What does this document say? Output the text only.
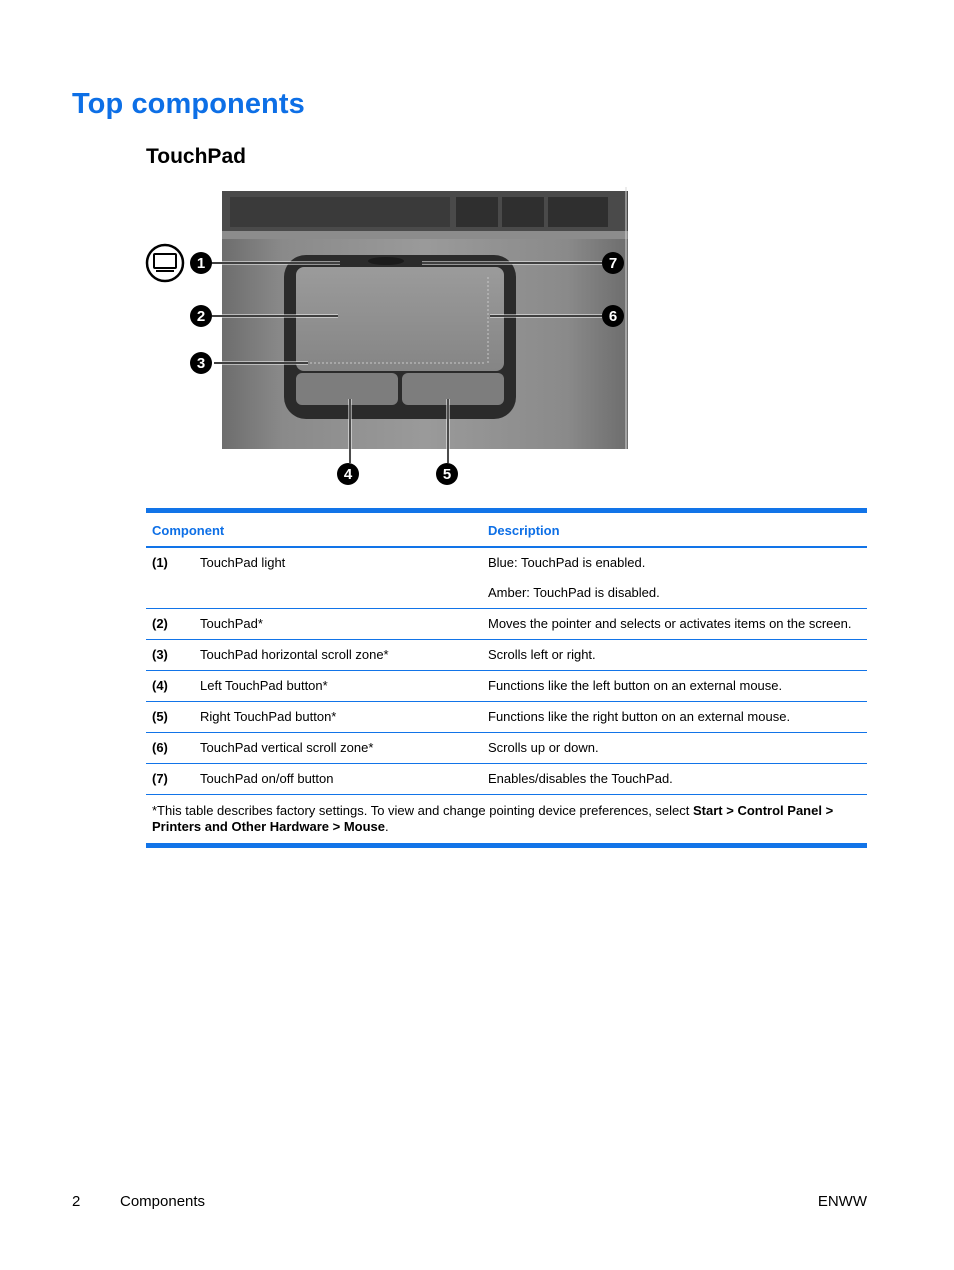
Top components
TouchPad
1	7
2	6
3
4	5
Component		Description

(1)	TouchPad light	Blue: TouchPad is enabled.

Amber: TouchPad is disabled.

(2)	TouchPad*	Moves the pointer and selects or activates items on the screen.

(3)	TouchPad horizontal scroll zone*	Scrolls left or right.

(4)	Left TouchPad button*	Functions like the left button on an external mouse.

(5)	Right TouchPad button*	Functions like the right button on an external mouse.

(6)	TouchPad vertical scroll zone*	Scrolls up or down.

(7)	TouchPad on/off button	Enables/disables the TouchPad.

*This table describes factory settings. To view and change pointing device preferences, select Start > Control Panel > Printers and Other Hardware > Mouse.		
2	Components	ENWW
